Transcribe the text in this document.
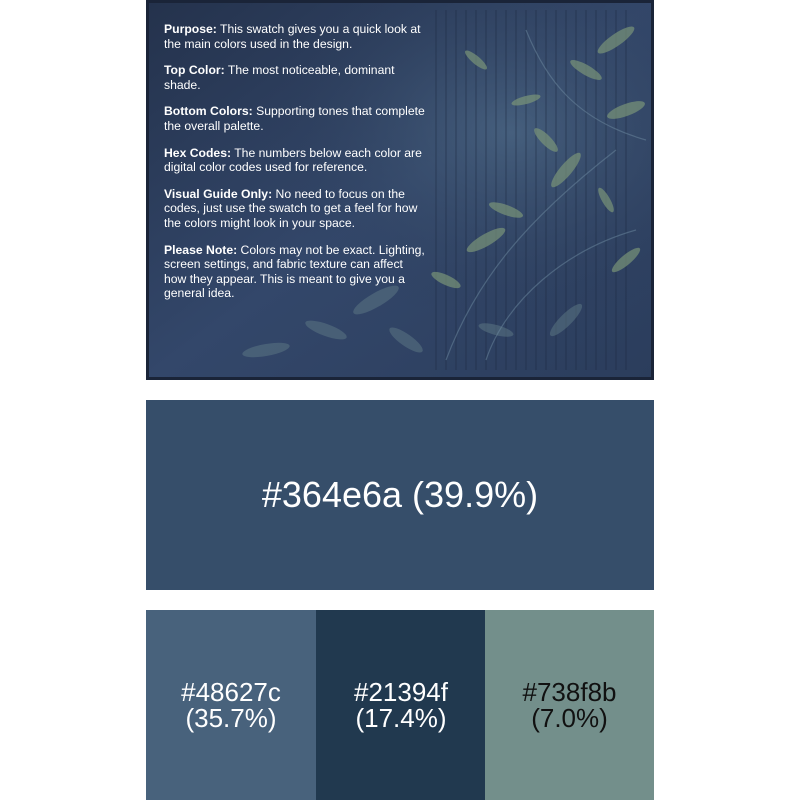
Purpose: This swatch gives you a quick look at the main colors used in the design.
Top Color: The most noticeable, dominant shade.
Bottom Colors: Supporting tones that complete the overall palette.
Hex Codes: The numbers below each color are digital color codes used for reference.
Visual Guide Only: No need to focus on the codes, just use the swatch to get a feel for how the colors might look in your space.
Please Note: Colors may not be exact. Lighting, screen settings, and fabric texture can affect how they appear. This is meant to give you a general idea.
#364e6a (39.9%)
#48627c
(35.7%)
#21394f
(17.4%)
#738f8b
(7.0%)
